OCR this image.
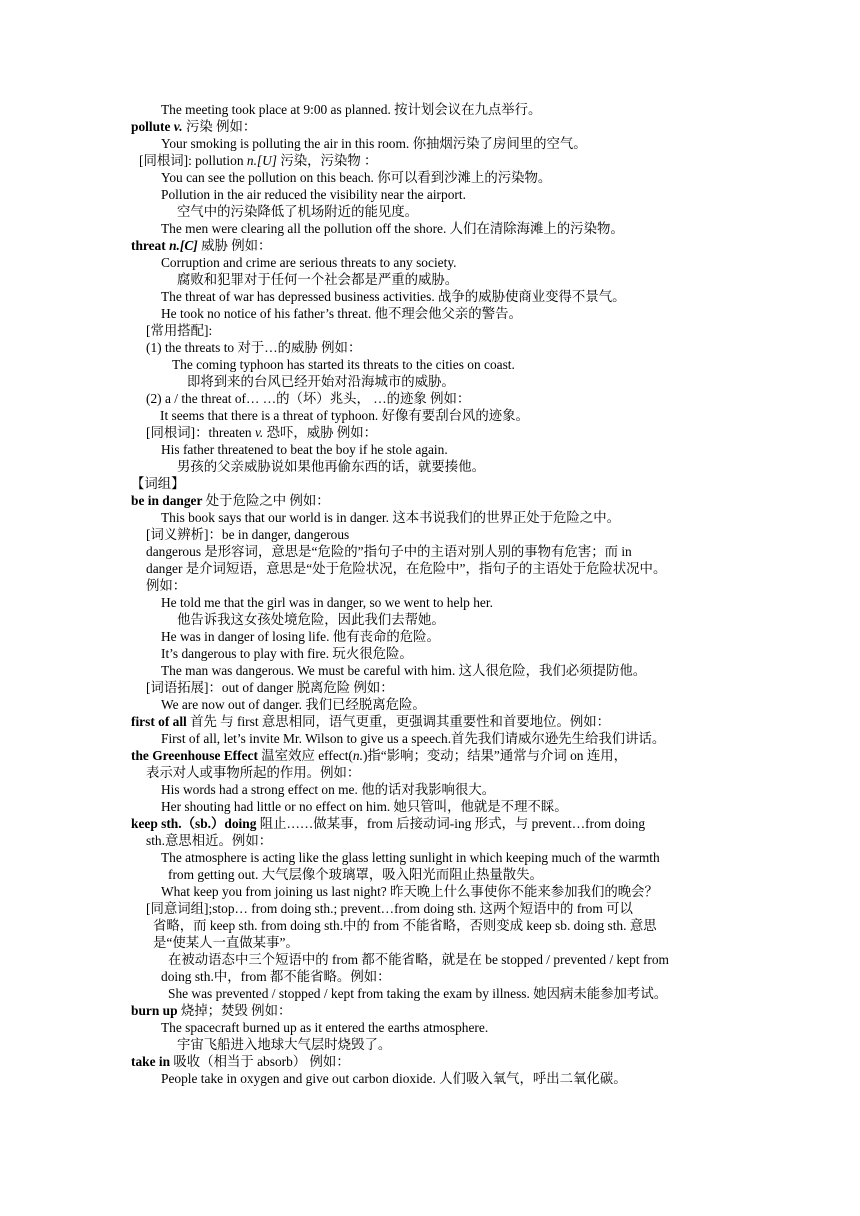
The meeting took place at 9:00 as planned. 按计划会议在九点举行。
pollute v. 污染 例如：
Your smoking is polluting the air in this room. 你抽烟污染了房间里的空气。
[同根词]: pollution n.[U] 污染，污染物 ：
You can see the pollution on this beach. 你可以看到沙滩上的污染物。
Pollution in the air reduced the visibility near the airport.
空气中的污染降低了机场附近的能见度。
The men were clearing all the pollution off the shore. 人们在清除海滩上的污染物。
threat n.[C] 威胁 例如：
Corruption and crime are serious threats to any society.
腐败和犯罪对于任何一个社会都是严重的威胁。
The threat of war has depressed business activities. 战争的威胁使商业变得不景气。
He took no notice of his father’s threat. 他不理会他父亲的警告。
[常用搭配]:
(1) the threats to 对于…的威胁 例如：
The coming typhoon has started its threats to the cities on coast.
即将到来的台风已经开始对沿海城市的威胁。
(2) a / the threat of… …的（坏）兆头， …的迹象 例如：
It seems that there is a threat of typhoon. 好像有要刮台风的迹象。
[同根词]：threaten v. 恐吓，威胁 例如：
His father threatened to beat the boy if he stole again.
男孩的父亲威胁说如果他再偷东西的话，就要揍他。
【词组】
be in danger 处于危险之中 例如：
This book says that our world is in danger. 这本书说我们的世界正处于危险之中。
[词义辨析]：be in danger, dangerous
dangerous 是形容词，意思是“危险的”指句子中的主语对别人别的事物有危害；而 in
danger 是介词短语，意思是“处于危险状况，在危险中”，指句子的主语处于危险状况中。
例如：
He told me that the girl was in danger, so we went to help her.
他告诉我这女孩处境危险，因此我们去帮她。
He was in danger of losing life. 他有丧命的危险。
It’s dangerous to play with fire. 玩火很危险。
The man was dangerous. We must be careful with him. 这人很危险，我们必须提防他。
[词语拓展]：out of danger 脱离危险 例如：
We are now out of danger. 我们已经脱离危险。
first of all 首先 与 first 意思相同，语气更重，更强调其重要性和首要地位。例如：
First of all, let’s invite Mr. Wilson to give us a speech.首先我们请威尔逊先生给我们讲话。
the Greenhouse Effect 温室效应 effect(n.)指“影响；变动；结果”通常与介词 on 连用，
表示对人或事物所起的作用。例如：
His words had a strong effect on me. 他的话对我影响很大。
Her shouting had little or no effect on him. 她只管叫，他就是不理不睬。
keep sth.（sb.）doing 阻止……做某事，from 后接动词-ing 形式，与 prevent…from doing
sth.意思相近。例如：
The atmosphere is acting like the glass letting sunlight in which keeping much of the warmth
from getting out. 大气层像个玻璃罩，吸入阳光而阻止热量散失。
What keep you from joining us last night? 昨天晚上什么事使你不能来参加我们的晚会？
[同意词组];stop… from doing sth.; prevent…from doing sth. 这两个短语中的 from 可以
省略，而 keep sth. from doing sth.中的 from 不能省略，否则变成 keep sb. doing sth. 意思
是“使某人一直做某事”。
在被动语态中三个短语中的 from 都不能省略，就是在 be stopped / prevented / kept from
doing sth.中，from 都不能省略。例如：
She was prevented / stopped / kept from taking the exam by illness. 她因病未能参加考试。
burn up 烧掉；焚毁 例如：
The spacecraft burned up as it entered the earths atmosphere.
宇宙飞船进入地球大气层时烧毁了。
take in 吸收（相当于 absorb） 例如：
People take in oxygen and give out carbon dioxide. 人们吸入氧气，呼出二氧化碳。
